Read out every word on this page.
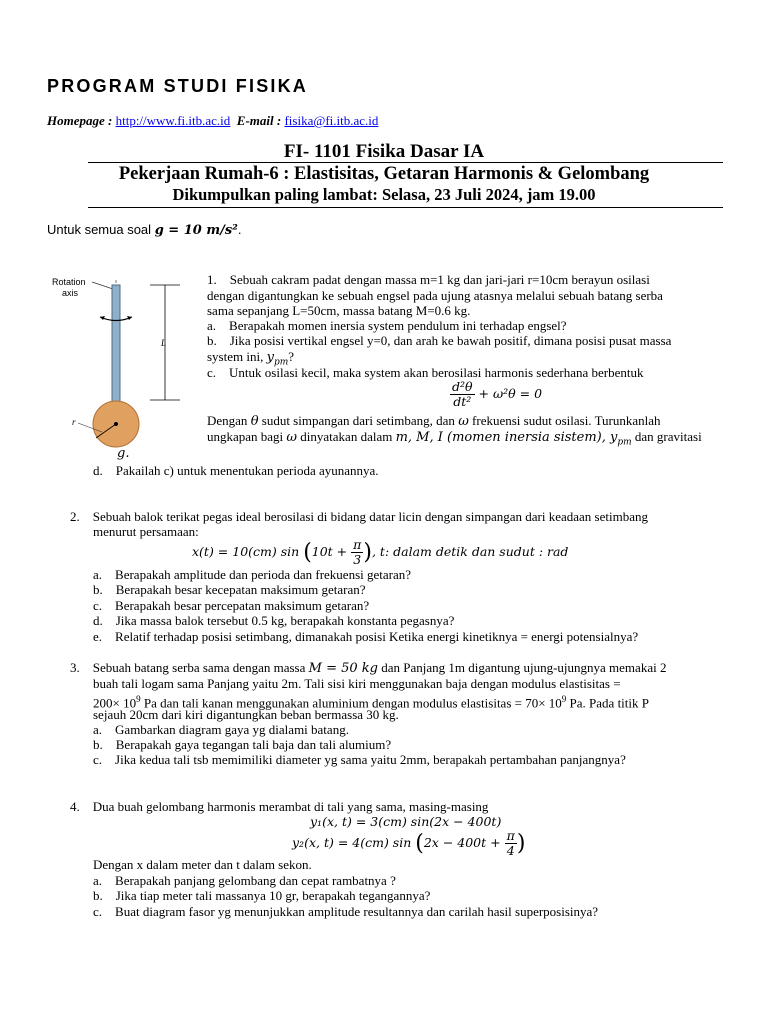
PROGRAM STUDI FISIKA
Homepage : http://www.fi.itb.ac.id E-mail : fisika@fi.itb.ac.id
FI- 1101 Fisika Dasar IA
Pekerjaan Rumah-6 : Elastisitas, Getaran Harmonis & Gelombang
Dikumpulkan paling lambat: Selasa, 23 Juli 2024, jam 19.00
Untuk semua soal g = 10 m/s².
Rotation
axis
L
r
1. Sebuah cakram padat dengan massa m=1 kg dan jari-jari r=10cm berayun osilasi
dengan digantungkan ke sebuah engsel pada ujung atasnya melalui sebuah batang serba
sama sepanjang L=50cm, massa batang M=0.6 kg.
a. Berapakah momen inersia system pendulum ini terhadap engsel?
b. Jika posisi vertikal engsel y=0, dan arah ke bawah positif, dimana posisi pusat massa
system ini, $y_{pm}$?
c. Untuk osilasi kecil, maka system akan berosilasi harmonis sederhana berbentuk
$\frac{\text{d²θ}}{\text{dt²}} + \omega^2\theta = 0$
Dengan θ sudut simpangan dari setimbang, dan ω frekuensi sudut osilasi. Turunkanlah
ungkapan bagi ω dinyatakan dalam m, M, I (momen inersia sistem), $y_{pm}$ dan gravitasi
g.
d. Pakailah c) untuk menentukan perioda ayunannya.
2. Sebuah balok terikat pegas ideal berosilasi di bidang datar licin dengan simpangan dari keadaan setimbang
menurut persamaan:
x(t) = 10(cm) $\sin (10t + \frac{\pi}{3}$ ), t: dalam detik dan sudut : rad
a. Berapakah amplitude dan perioda dan frekuensi getaran?
b. Berapakah besar kecepatan maksimum getaran?
c. Berapakah besar percepatan maksimum getaran?
d. Jika massa balok tersebut 0.5 kg, berapakah konstanta pegasnya?
e. Relatif terhadap posisi setimbang, dimanakah posisi Ketika energi kinetiknya = energi potensialnya?
3. Sebuah batang serba sama dengan massa M = 50 kg dan Panjang 1m digantung ujung-ujungnya memakai 2
buah tali logam sama Panjang yaitu 2m. Tali sisi kiri menggunakan baja dengan modulus elastisitas =
$200\times 10^9$ Pa dan tali kanan menggunakan aluminium dengan modulus elastisitas = $70\times 10^9$ Pa. Pada titik P
sejauh 20cm dari kiri digantungkan beban bermassa 30 kg.
a. Gambarkan diagram gaya yg dialami batang.
b. Berapakah gaya tegangan tali baja dan tali alumium?
c. Jika kedua tali tsb memimiliki diameter yg sama yaitu 2mm, berapakah pertambahan panjangnya?
4. Dua buah gelombang harmonis merambat di tali yang sama, masing-masing
y₁(x, t) = 3(cm) sin(2x − 400t)
y₂(x, t) = 4(cm) $\sin (2x - 400t + \frac{\pi}{4}$ )
Dengan x dalam meter dan t dalam sekon.
a. Berapakah panjang gelombang dan cepat rambatnya ?
b. Jika tiap meter tali massanya 10 gr, berapakah tegangannya?
c. Buat diagram fasor yg menunjukkan amplitude resultannya dan carilah hasil superposisinya?
